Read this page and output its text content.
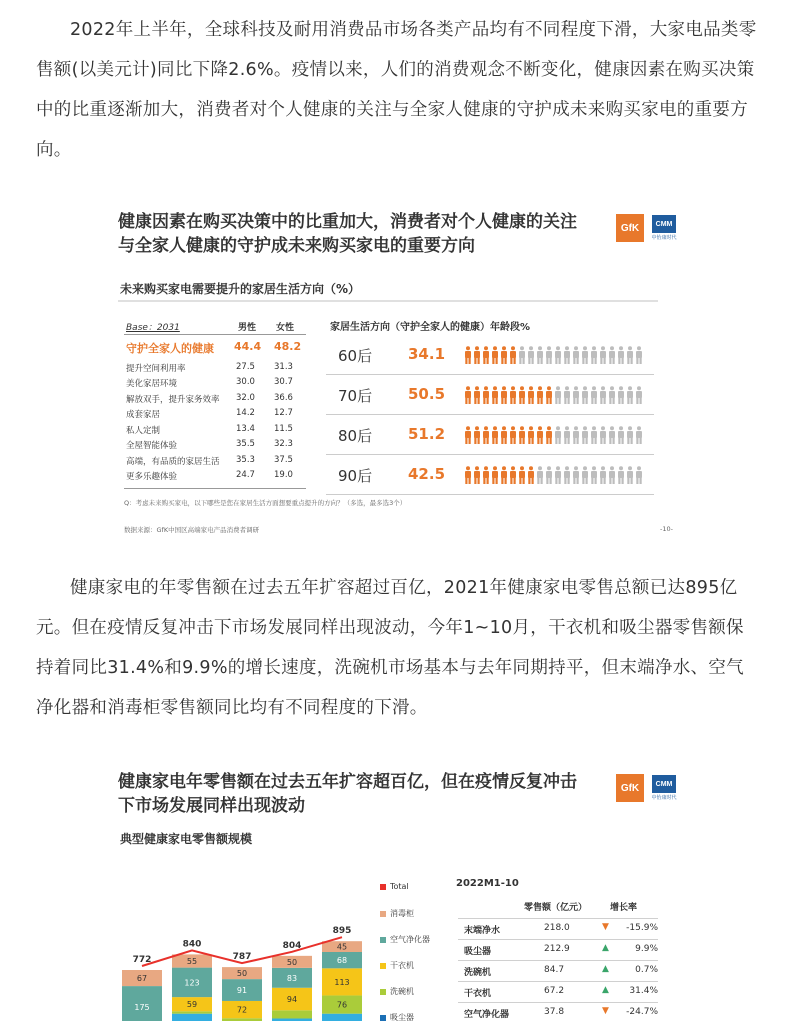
2022年上半年，全球科技及耐用消费品市场各类产品均有不同程度下滑，大家电品类零售额(以美元计)同比下降2.6%。疫情以来，人们的消费观念不断变化，健康因素在购买决策中的比重逐渐加大，消费者对个人健康的关注与全家人健康的守护成未来购买家电的重要方向。

健康因素在购买决策中的比重加大，消费者对个人健康的关注与全家人健康的守护成未来购买家电的重要方向
GfK	CMM
中怡康时代
未来购买家电需要提升的家居生活方向（%）
Base：2031	男性 女性
守护全家人的健康 44.4 48.2
提升空间利用率	27.5 31.3
美化家居环境	30.0 30.7
解放双手，提升家务效率 32.0 36.6
成套家居	14.2 12.7
私人定制	13.4 11.5
全屋智能体验	35.5 32.3
高端，有品质的家居生活 35.3 37.5
更多乐趣体验	24.7 19.0
家居生活方向（守护全家人的健康）年龄段%
60后 34.1
70后 50.5
80后 51.2
90后 42.5
Q：考虑未来购买家电，以下哪些是您在家居生活方面想要重点提升的方向？（多选，最多选3个）
数据来源：GfK中国区高端家电产品消费者调研	-10-

健康家电的年零售额在过去五年扩容超过百亿，2021年健康家电零售总额已达895亿元。但在疫情反复冲击下市场发展同样出现波动，今年1~10月，干衣机和吸尘器零售额保持着同比31.4%和9.9%的增长速度，洗碗机市场基本与去年同期持平，但末端净水、空气净化器和消毒柜零售额同比均有不同程度的下滑。

健康家电年零售额在过去五年扩容超百亿，但在疫情反复冲击下市场发展同样出现波动
GfK	CMM
中怡康时代
典型健康家电零售额规模
175
67
772
59
123
55
840
72
91
50
787
94
83
50
804
76
113
68
45
895
Total
消毒柜
空气净化器
干衣机
洗碗机
吸尘器
2022M1-10
零售额（亿元）	增长率
末端净水	218.0	▼	-15.9%
吸尘器	212.9	▲	9.9%
洗碗机	84.7	▲	0.7%
干衣机	67.2	▲	31.4%
空气净化器	37.8	▼	-24.7%
